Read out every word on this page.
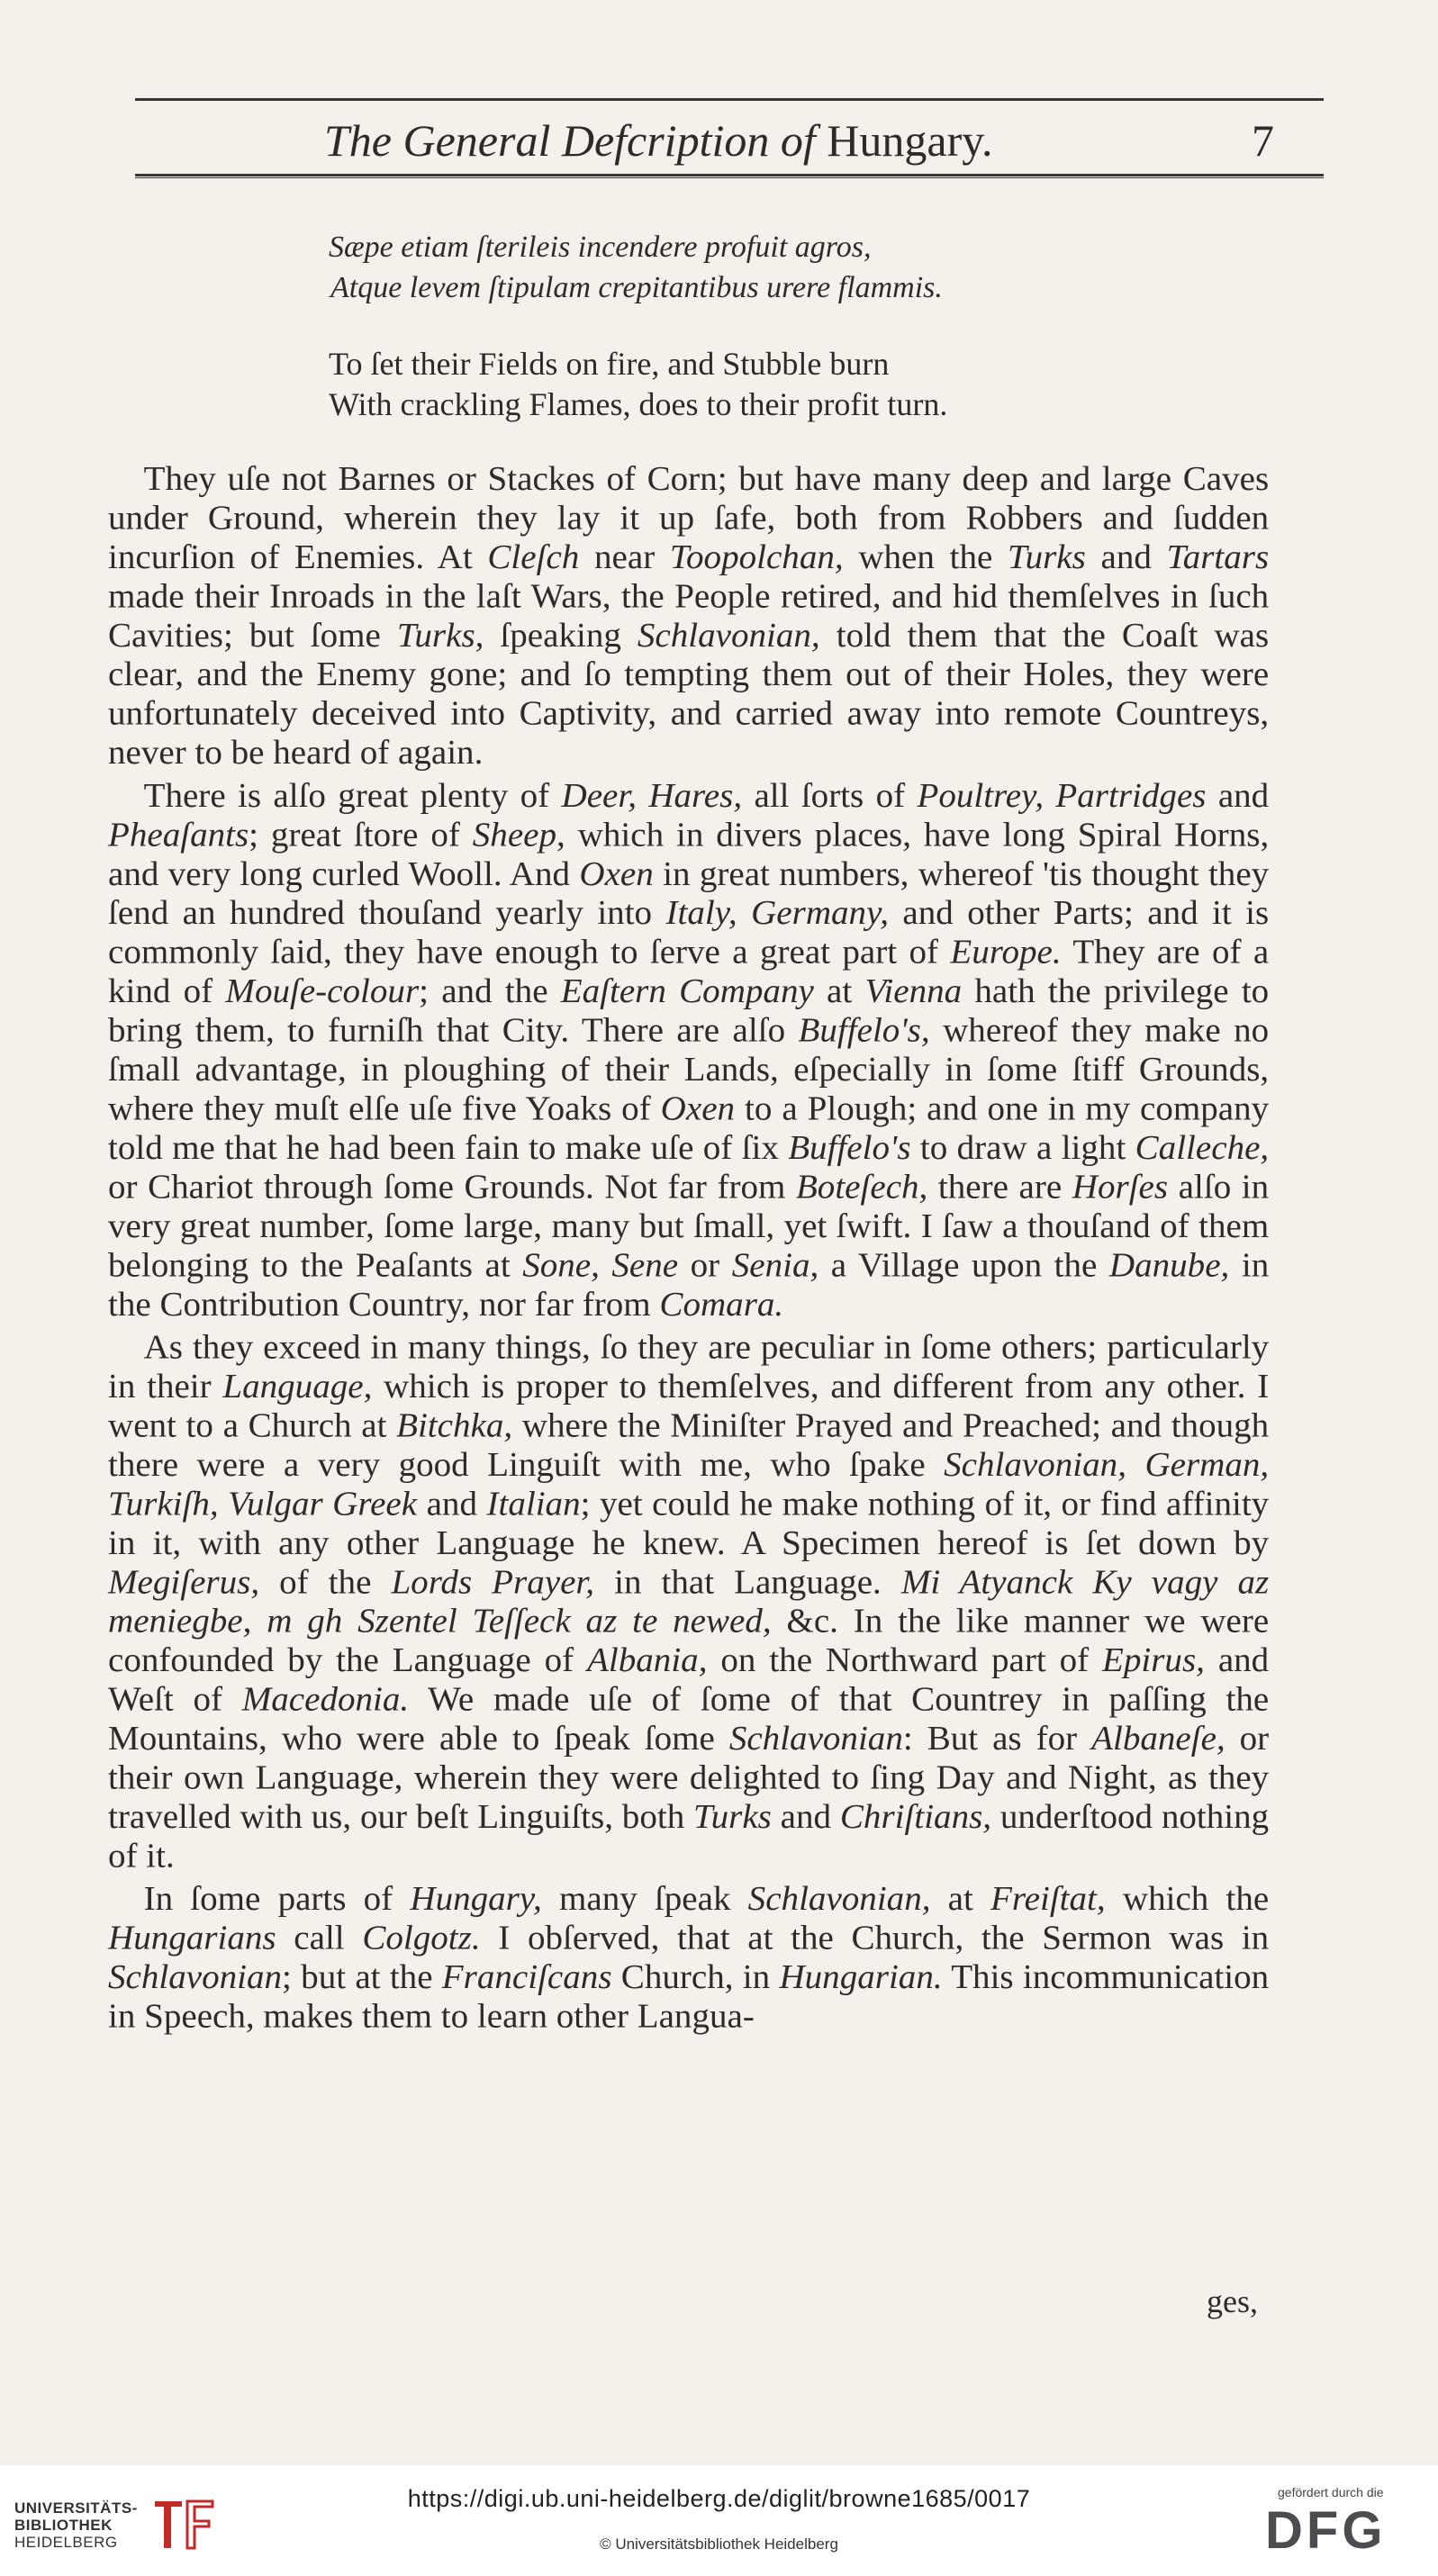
The General Defcription of Hungary.	7
Sæpe etiam ſterileis incendere profuit agros,
Atque levem ſtipulam crepitantibus urere flammis.
To ſet their Fields on fire, and Stubble burn
With crackling Flames, does to their profit turn.

They uſe not Barnes or Stackes of Corn; but have many deep and large Caves under Ground, wherein they lay it up ſafe, both from Robbers and ſudden incurſion of Enemies. At Cleſch near Toopolchan, when the Turks and Tartars made their Inroads in the laſt Wars, the People retired, and hid themſelves in ſuch Cavities; but ſome Turks, ſpeaking Schlavonian, told them that the Coaſt was clear, and the Enemy gone; and ſo tempting them out of their Holes, they were unfortunately deceived into Captivity, and carried away into remote Countreys, never to be heard of again.

There is alſo great plenty of Deer, Hares, all ſorts of Poultrey, Partridges and Pheaſants; great ſtore of Sheep, which in divers places, have long Spiral Horns, and very long curled Wooll. And Oxen in great numbers, whereof 'tis thought they ſend an hundred thouſand yearly into Italy, Germany, and other Parts; and it is commonly ſaid, they have enough to ſerve a great part of Europe. They are of a kind of Mouſe-colour; and the Eaſtern Company at Vienna hath the privilege to bring them, to furniſh that City. There are alſo Buffelo's, whereof they make no ſmall advantage, in ploughing of their Lands, eſpecially in ſome ſtiff Grounds, where they muſt elſe uſe five Yoaks of Oxen to a Plough; and one in my company told me that he had been fain to make uſe of ſix Buffelo's to draw a light Calleche, or Chariot through ſome Grounds. Not far from Boteſech, there are Horſes alſo in very great number, ſome large, many but ſmall, yet ſwift. I ſaw a thouſand of them belonging to the Peaſants at Sone, Sene or Senia, a Village upon the Danube, in the Contribution Country, nor far from Comara.

As they exceed in many things, ſo they are peculiar in ſome others; particularly in their Language, which is proper to themſelves, and different from any other. I went to a Church at Bitchka, where the Miniſter Prayed and Preached; and though there were a very good Linguiſt with me, who ſpake Schlavonian, German, Turkiſh, Vulgar Greek and Italian; yet could he make nothing of it, or find affinity in it, with any other Language he knew. A Specimen hereof is ſet down by Megiſerus, of the Lords Prayer, in that Language. Mi Atyanck Ky vagy az meniegbe, m gh Szentel Teſſeck az te newed, &c. In the like manner we were confounded by the Language of Albania, on the Northward part of Epirus, and Weſt of Macedonia. We made uſe of ſome of that Countrey in paſſing the Mountains, who were able to ſpeak ſome Schlavonian: But as for Albaneſe, or their own Language, wherein they were delighted to ſing Day and Night, as they travelled with us, our beſt Linguiſts, both Turks and Chriſtians, underſtood nothing of it.

In ſome parts of Hungary, many ſpeak Schlavonian, at Freiſtat, which the Hungarians call Colgotz. I obſerved, that at the Church, the Sermon was in Schlavonian; but at the Franciſcans Church, in Hungarian. This incommunication in Speech, makes them to learn other Langua-

ges,
UNIVERSITÄTS-
BIBLIOTHEK
HEIDELBERG
https://digi.ub.uni-heidelberg.de/diglit/browne1685/0017
© Universitätsbibliothek Heidelberg
gefördert durch die
DFG
